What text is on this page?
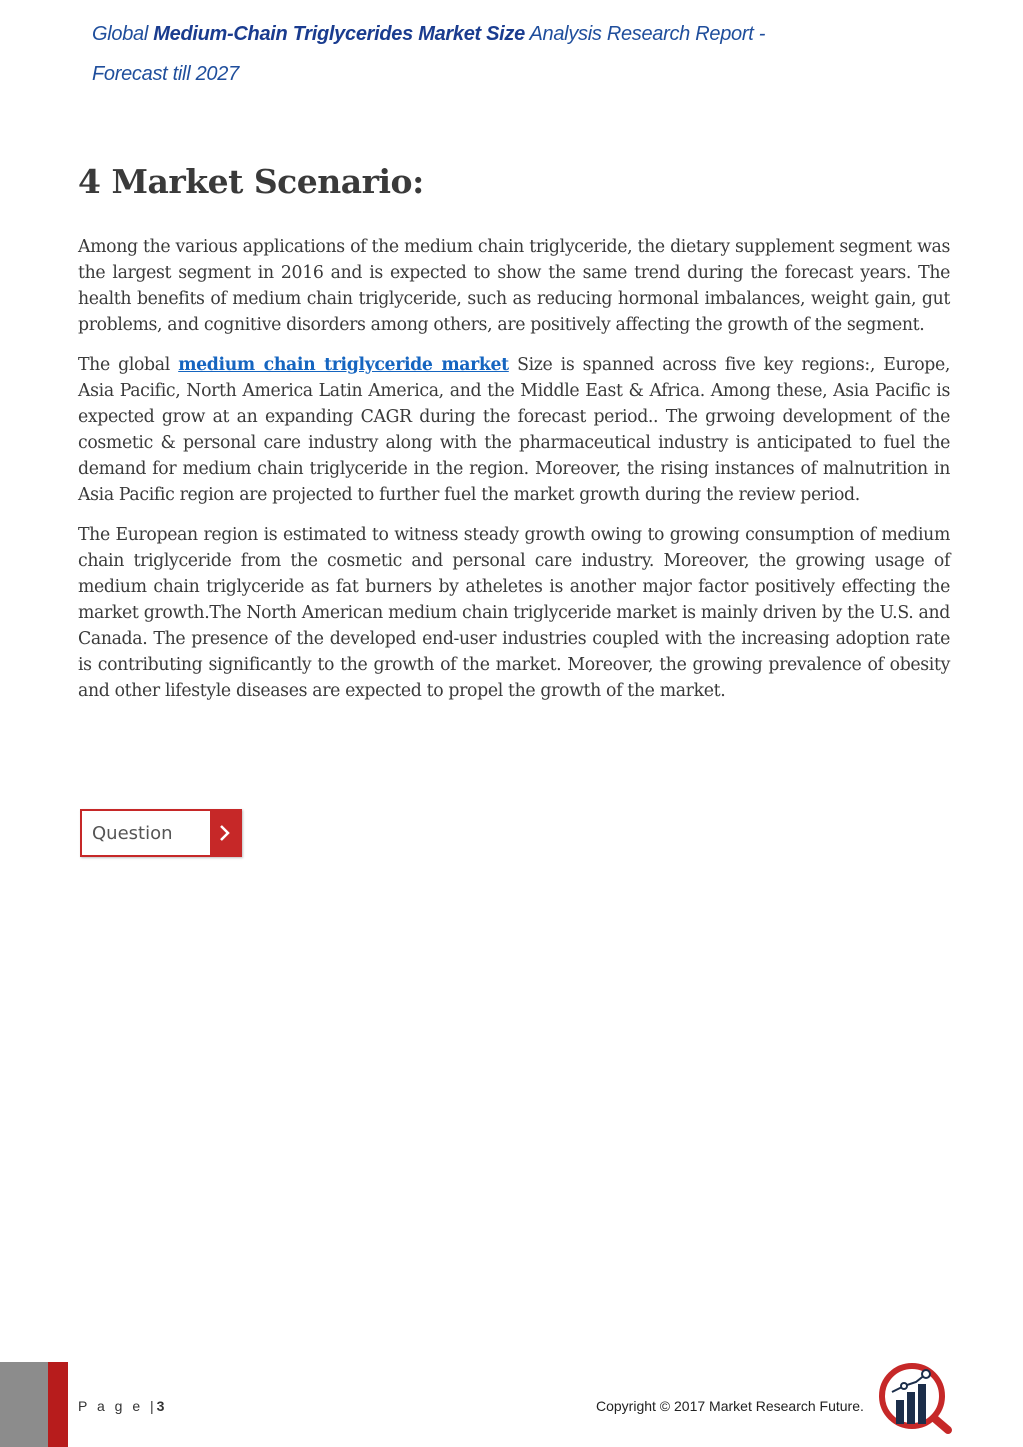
Global Medium-Chain Triglycerides Market Size Analysis Research Report -
Forecast till 2027
4 Market Scenario:

Among the various applications of the medium chain triglyceride, the dietary supplement segment was the largest segment in 2016 and is expected to show the same trend during the forecast years. The health benefits of medium chain triglyceride, such as reducing hormonal imbalances, weight gain, gut problems, and cognitive disorders among others, are positively affecting the growth of the segment.

The global medium chain triglyceride market Size is spanned across five key regions:, Europe, Asia Pacific, North America Latin America, and the Middle East & Africa. Among these, Asia Pacific is expected grow at an expanding CAGR during the forecast period.. The grwoing development of the cosmetic & personal care industry along with the pharmaceutical industry is anticipated to fuel the demand for medium chain triglyceride in the region. Moreover, the rising instances of malnutrition in Asia Pacific region are projected to further fuel the market growth during the review period.

The European region is estimated to witness steady growth owing to growing consumption of medium chain triglyceride from the cosmetic and personal care industry. Moreover, the growing usage of medium chain triglyceride as fat burners by atheletes is another major factor positively effecting the market growth.The North American medium chain triglyceride market is mainly driven by the U.S. and Canada. The presence of the developed end-user industries coupled with the increasing adoption rate is contributing significantly to the growth of the market. Moreover, the growing prevalence of obesity and other lifestyle diseases are expected to propel the growth of the market.

Question
P a g e |3	Copyright © 2017 Market Research Future.
